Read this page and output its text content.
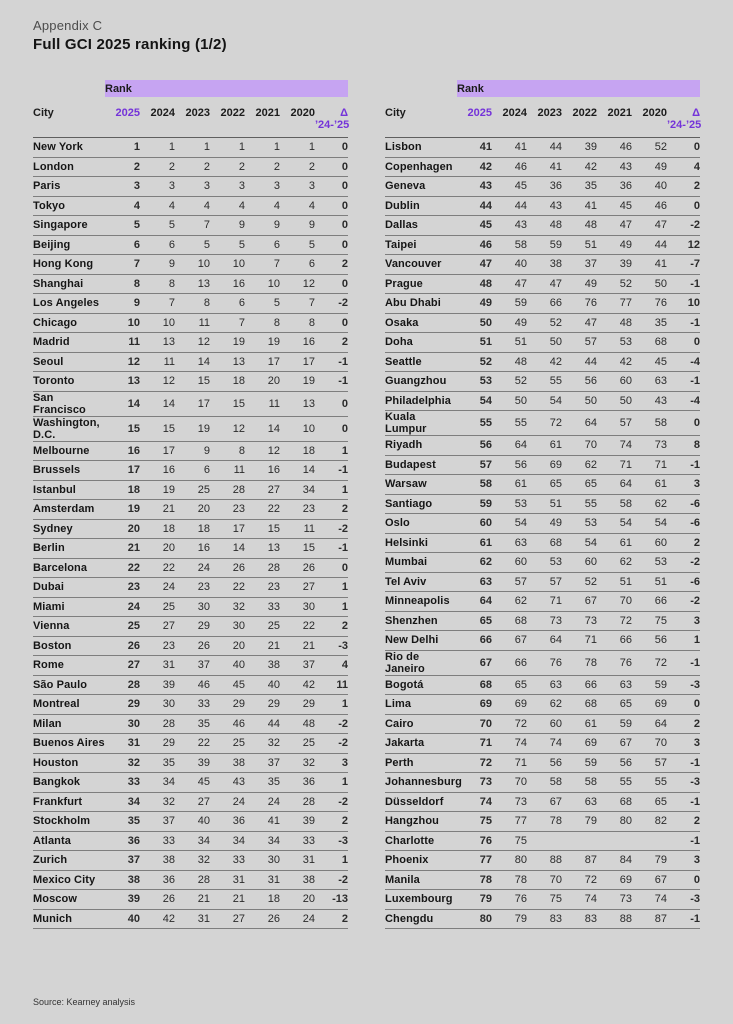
Appendix C
Full GCI 2025 ranking (1/2)
	Rank						
City	2025	2024	2023	2022	2021	2020	Δ ’24-’25
New York	1	1	1	1	1	1	0
London	2	2	2	2	2	2	0
Paris	3	3	3	3	3	3	0
Tokyo	4	4	4	4	4	4	0
Singapore	5	5	7	9	9	9	0
Beijing	6	6	5	5	6	5	0
Hong Kong	7	9	10	10	7	6	2
Shanghai	8	8	13	16	10	12	0
Los Angeles	9	7	8	6	5	7	-2
Chicago	10	10	11	7	8	8	0
Madrid	11	13	12	19	19	16	2
Seoul	12	11	14	13	17	17	-1
Toronto	13	12	15	18	20	19	-1
San Francisco	14	14	17	15	11	13	0
Washington, D.C.	15	15	19	12	14	10	0
Melbourne	16	17	9	8	12	18	1
Brussels	17	16	6	11	16	14	-1
Istanbul	18	19	25	28	27	34	1
Amsterdam	19	21	20	23	22	23	2
Sydney	20	18	18	17	15	11	-2
Berlin	21	20	16	14	13	15	-1
Barcelona	22	22	24	26	28	26	0
Dubai	23	24	23	22	23	27	1
Miami	24	25	30	32	33	30	1
Vienna	25	27	29	30	25	22	2
Boston	26	23	26	20	21	21	-3
Rome	27	31	37	40	38	37	4
São Paulo	28	39	46	45	40	42	11
Montreal	29	30	33	29	29	29	1
Milan	30	28	35	46	44	48	-2
Buenos Aires	31	29	22	25	32	25	-2
Houston	32	35	39	38	37	32	3
Bangkok	33	34	45	43	35	36	1
Frankfurt	34	32	27	24	24	28	-2
Stockholm	35	37	40	36	41	39	2
Atlanta	36	33	34	34	34	33	-3
Zurich	37	38	32	33	30	31	1
Mexico City	38	36	28	31	31	38	-2
Moscow	39	26	21	21	18	20	-13
Munich	40	42	31	27	26	24	2
	Rank						
City	2025	2024	2023	2022	2021	2020	Δ ’24-’25
Lisbon	41	41	44	39	46	52	0
Copenhagen	42	46	41	42	43	49	4
Geneva	43	45	36	35	36	40	2
Dublin	44	44	43	41	45	46	0
Dallas	45	43	48	48	47	47	-2
Taipei	46	58	59	51	49	44	12
Vancouver	47	40	38	37	39	41	-7
Prague	48	47	47	49	52	50	-1
Abu Dhabi	49	59	66	76	77	76	10
Osaka	50	49	52	47	48	35	-1
Doha	51	51	50	57	53	68	0
Seattle	52	48	42	44	42	45	-4
Guangzhou	53	52	55	56	60	63	-1
Philadelphia	54	50	54	50	50	43	-4
Kuala Lumpur	55	55	72	64	57	58	0
Riyadh	56	64	61	70	74	73	8
Budapest	57	56	69	62	71	71	-1
Warsaw	58	61	65	65	64	61	3
Santiago	59	53	51	55	58	62	-6
Oslo	60	54	49	53	54	54	-6
Helsinki	61	63	68	54	61	60	2
Mumbai	62	60	53	60	62	53	-2
Tel Aviv	63	57	57	52	51	51	-6
Minneapolis	64	62	71	67	70	66	-2
Shenzhen	65	68	73	73	72	75	3
New Delhi	66	67	64	71	66	56	1
Rio de Janeiro	67	66	76	78	76	72	-1
Bogotá	68	65	63	66	63	59	-3
Lima	69	69	62	68	65	69	0
Cairo	70	72	60	61	59	64	2
Jakarta	71	74	74	69	67	70	3
Perth	72	71	56	59	56	57	-1
Johannesburg	73	70	58	58	55	55	-3
Düsseldorf	74	73	67	63	68	65	-1
Hangzhou	75	77	78	79	80	82	2
Charlotte	76	75					-1
Phoenix	77	80	88	87	84	79	3
Manila	78	78	70	72	69	67	0
Luxembourg	79	76	75	74	73	74	-3
Chengdu	80	79	83	83	88	87	-1
Source: Kearney analysis
